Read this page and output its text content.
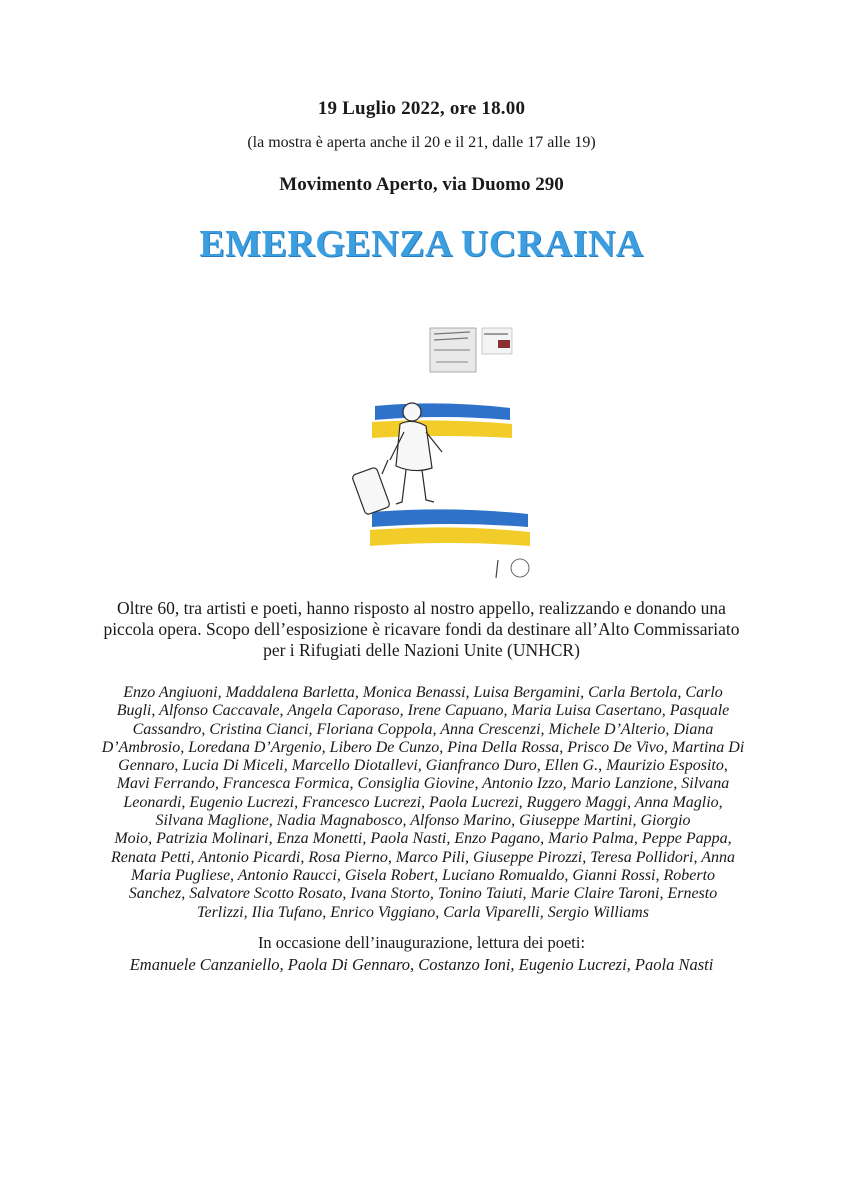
19 Luglio 2022, ore 18.00
(la mostra è aperta anche il 20 e il 21, dalle 17 alle 19)
Movimento Aperto, via Duomo 290
EMERGENZA UCRAINA
Oltre 60, tra artisti e poeti, hanno risposto al nostro appello, realizzando e donando una
piccola opera. Scopo dell’esposizione è ricavare fondi da destinare all’Alto Commissariato
per i Rifugiati delle Nazioni Unite (UNHCR)
Enzo Angiuoni, Maddalena Barletta, Monica Benassi, Luisa Bergamini, Carla Bertola, Carlo
Bugli, Alfonso Caccavale, Angela Caporaso, Irene Capuano, Maria Luisa Casertano, Pasquale
Cassandro, Cristina Cianci, Floriana Coppola, Anna Crescenzi, Michele D’Alterio, Diana
D’Ambrosio, Loredana D’Argenio, Libero De Cunzo, Pina Della Rossa, Prisco De Vivo, Martina Di
Gennaro, Lucia Di Miceli, Marcello Diotallevi, Gianfranco Duro, Ellen G., Maurizio Esposito,
Mavi Ferrando, Francesca Formica, Consiglia Giovine, Antonio Izzo, Mario Lanzione, Silvana
Leonardi, Eugenio Lucrezi, Francesco Lucrezi, Paola Lucrezi, Ruggero Maggi, Anna Maglio,
Silvana Maglione, Nadia Magnabosco, Alfonso Marino, Giuseppe Martini, Giorgio
Moio, Patrizia Molinari, Enza Monetti, Paola Nasti, Enzo Pagano, Mario Palma, Peppe Pappa,
Renata Petti, Antonio Picardi, Rosa Pierno, Marco Pili, Giuseppe Pirozzi, Teresa Pollidori, Anna
Maria Pugliese, Antonio Raucci, Gisela Robert, Luciano Romualdo, Gianni Rossi, Roberto
Sanchez, Salvatore Scotto Rosato, Ivana Storto, Tonino Taiuti, Marie Claire Taroni, Ernesto
Terlizzi, Ilia Tufano, Enrico Viggiano, Carla Viparelli, Sergio Williams
In occasione dell’inaugurazione, lettura dei poeti:
Emanuele Canzaniello, Paola Di Gennaro, Costanzo Ioni, Eugenio Lucrezi, Paola Nasti
